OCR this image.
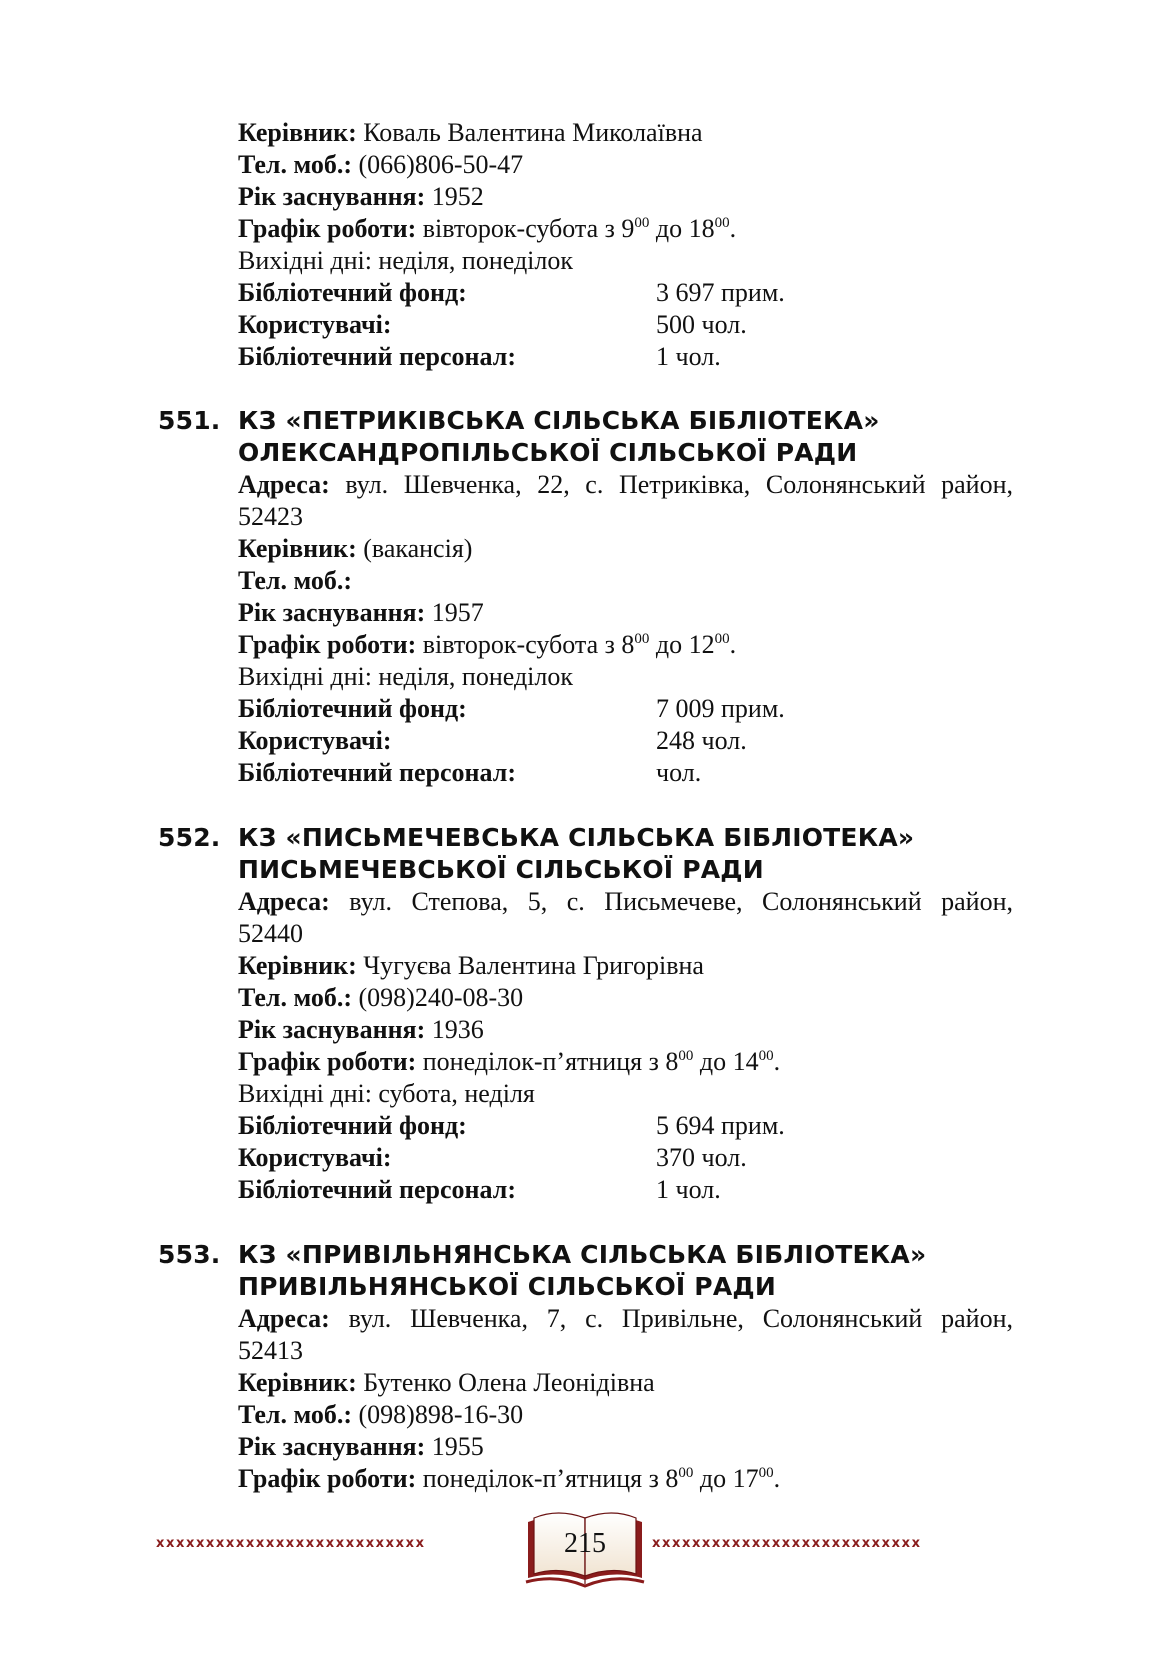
Керівник: Коваль Валентина Миколаївна
Тел. моб.: (066)806-50-47
Рік заснування: 1952
Графік роботи: вівторок-субота з $9^{00}$ до $18^{00}$.
Вихідні дні: неділя, понеділок
Бібліотечний фонд:	3 697 прим.
Користувачі:	500 чол.
Бібліотечний персонал:	1 чол.
551. КЗ «ПЕТРИКІВСЬКА СІЛЬСЬКА БІБЛІОТЕКА»
ОЛЕКСАНДРОПІЛЬСЬКОЇ СІЛЬСЬКОЇ РАДИ
Адреса: вул. Шевченка, 22, с. Петриківка, Солонянський район,
52423
Керівник: (вакансія)
Тел. моб.:
Рік заснування: 1957
Графік роботи: вівторок-субота з $8^{00}$ до $12^{00}$.
Вихідні дні: неділя, понеділок
Бібліотечний фонд:	7 009 прим.
Користувачі:	248 чол.
Бібліотечний персонал:	чол.
552. КЗ «ПИСЬМЕЧЕВСЬКА СІЛЬСЬКА БІБЛІОТЕКА»
ПИСЬМЕЧЕВСЬКОЇ СІЛЬСЬКОЇ РАДИ
Адреса: вул. Степова, 5, с. Письмечеве, Солонянський район,
52440
Керівник: Чугуєва Валентина Григорівна
Тел. моб.: (098)240-08-30
Рік заснування: 1936
Графік роботи: понеділок-п’ятниця з $8^{00}$ до $14^{00}$.
Вихідні дні: субота, неділя
Бібліотечний фонд:	5 694 прим.
Користувачі:	370 чол.
Бібліотечний персонал:	1 чол.
553. КЗ «ПРИВІЛЬНЯНСЬКА СІЛЬСЬКА БІБЛІОТЕКА»
ПРИВІЛЬНЯНСЬКОЇ СІЛЬСЬКОЇ РАДИ
Адреса: вул. Шевченка, 7, с. Привільне, Солонянський район,
52413
Керівник: Бутенко Олена Леонідівна
Тел. моб.: (098)898-16-30
Рік заснування: 1955
Графік роботи: понеділок-п’ятниця з $8^{00}$ до $17^{00}$.
xxxxxxxxxxxxxxxxxxxxxxxxxxx	xxxxxxxxxxxxxxxxxxxxxxxxxxx
215
